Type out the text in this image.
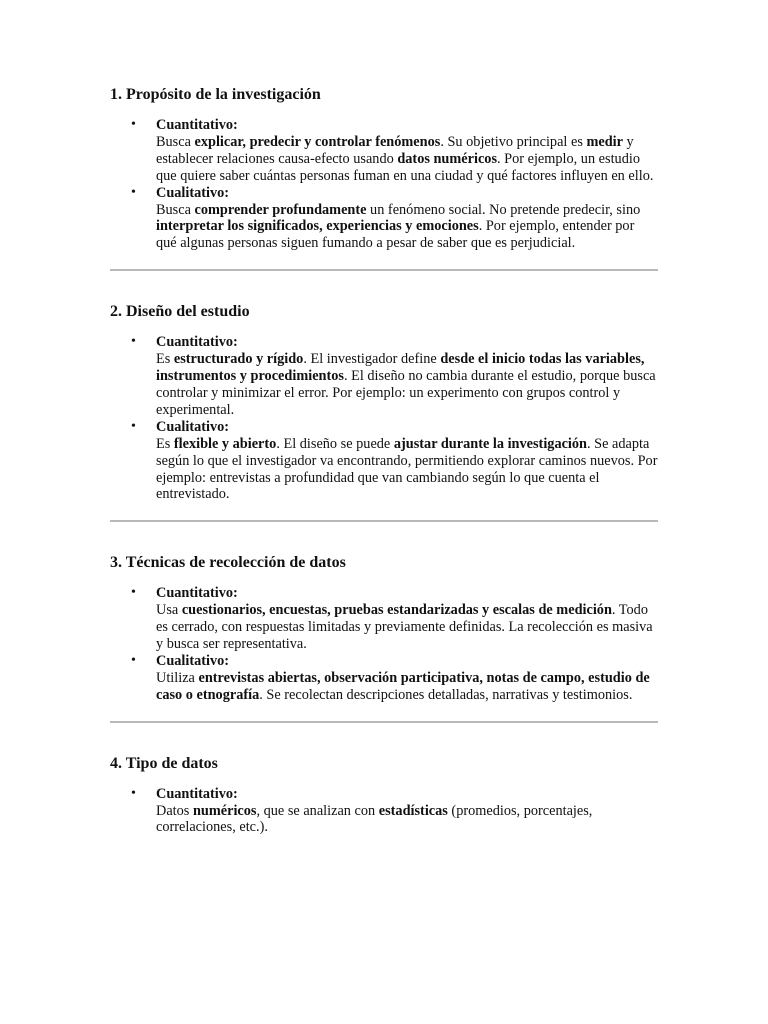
1. Propósito de la investigación
• Cuantitativo:
Busca explicar, predecir y controlar fenómenos. Su objetivo principal es medir y establecer relaciones causa-efecto usando datos numéricos. Por ejemplo, un estudio que quiere saber cuántas personas fuman en una ciudad y qué factores influyen en ello.
• Cualitativo:
Busca comprender profundamente un fenómeno social. No pretende predecir, sino interpretar los significados, experiencias y emociones. Por ejemplo, entender por qué algunas personas siguen fumando a pesar de saber que es perjudicial.
2. Diseño del estudio
• Cuantitativo:
Es estructurado y rígido. El investigador define desde el inicio todas las variables, instrumentos y procedimientos. El diseño no cambia durante el estudio, porque busca controlar y minimizar el error. Por ejemplo: un experimento con grupos control y experimental.
• Cualitativo:
Es flexible y abierto. El diseño se puede ajustar durante la investigación. Se adapta según lo que el investigador va encontrando, permitiendo explorar caminos nuevos. Por ejemplo: entrevistas a profundidad que van cambiando según lo que cuenta el entrevistado.
3. Técnicas de recolección de datos
• Cuantitativo:
Usa cuestionarios, encuestas, pruebas estandarizadas y escalas de medición. Todo es cerrado, con respuestas limitadas y previamente definidas. La recolección es masiva y busca ser representativa.
• Cualitativo:
Utiliza entrevistas abiertas, observación participativa, notas de campo, estudio de caso o etnografía. Se recolectan descripciones detalladas, narrativas y testimonios.
4. Tipo de datos
• Cuantitativo:
Datos numéricos, que se analizan con estadísticas (promedios, porcentajes, correlaciones, etc.).
